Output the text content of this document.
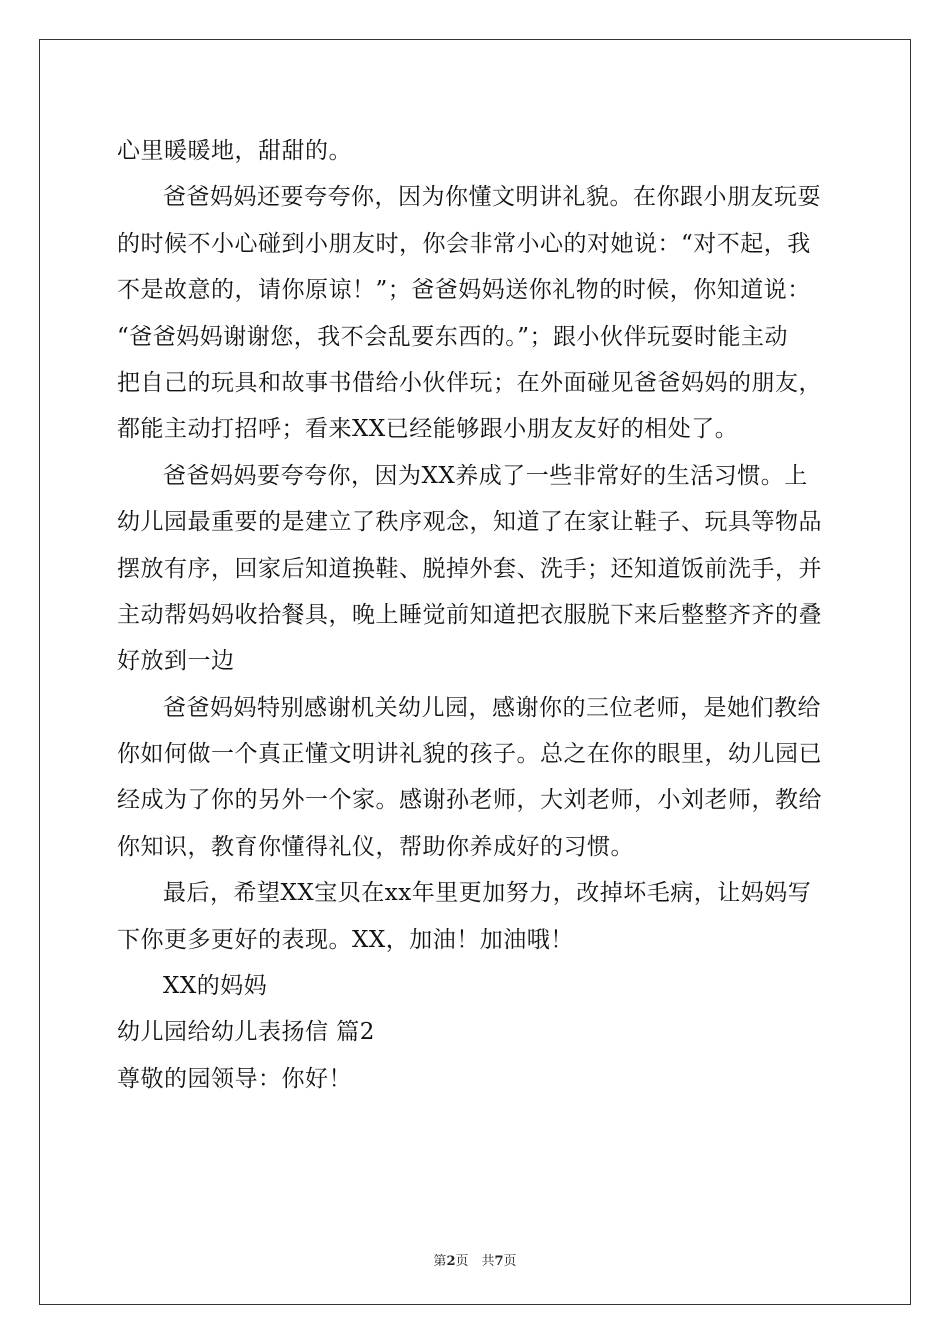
心里暖暖地，甜甜的。
爸爸妈妈还要夸夸你，因为你懂文明讲礼貌。在你跟小朋友玩耍
的时候不小心碰到小朋友时，你会非常小心的对她说：“对不起，我
不是故意的，请你原谅！”；爸爸妈妈送你礼物的时候，你知道说：
“爸爸妈妈谢谢您，我不会乱要东西的。”；跟小伙伴玩耍时能主动
把自己的玩具和故事书借给小伙伴玩；在外面碰见爸爸妈妈的朋友，
都能主动打招呼；看来XX已经能够跟小朋友友好的相处了。
爸爸妈妈要夸夸你，因为XX养成了一些非常好的生活习惯。上
幼儿园最重要的是建立了秩序观念，知道了在家让鞋子、玩具等物品
摆放有序，回家后知道换鞋、脱掉外套、洗手；还知道饭前洗手，并
主动帮妈妈收拾餐具，晚上睡觉前知道把衣服脱下来后整整齐齐的叠
好放到一边
爸爸妈妈特别感谢机关幼儿园，感谢你的三位老师，是她们教给
你如何做一个真正懂文明讲礼貌的孩子。总之在你的眼里，幼儿园已
经成为了你的另外一个家。感谢孙老师，大刘老师，小刘老师，教给
你知识，教育你懂得礼仪，帮助你养成好的习惯。
最后，希望XX宝贝在xx年里更加努力，改掉坏毛病，让妈妈写
下你更多更好的表现。XX，加油！加油哦！
XX的妈妈
幼儿园给幼儿表扬信 篇2
尊敬的园领导：你好！
第2页　共7页
